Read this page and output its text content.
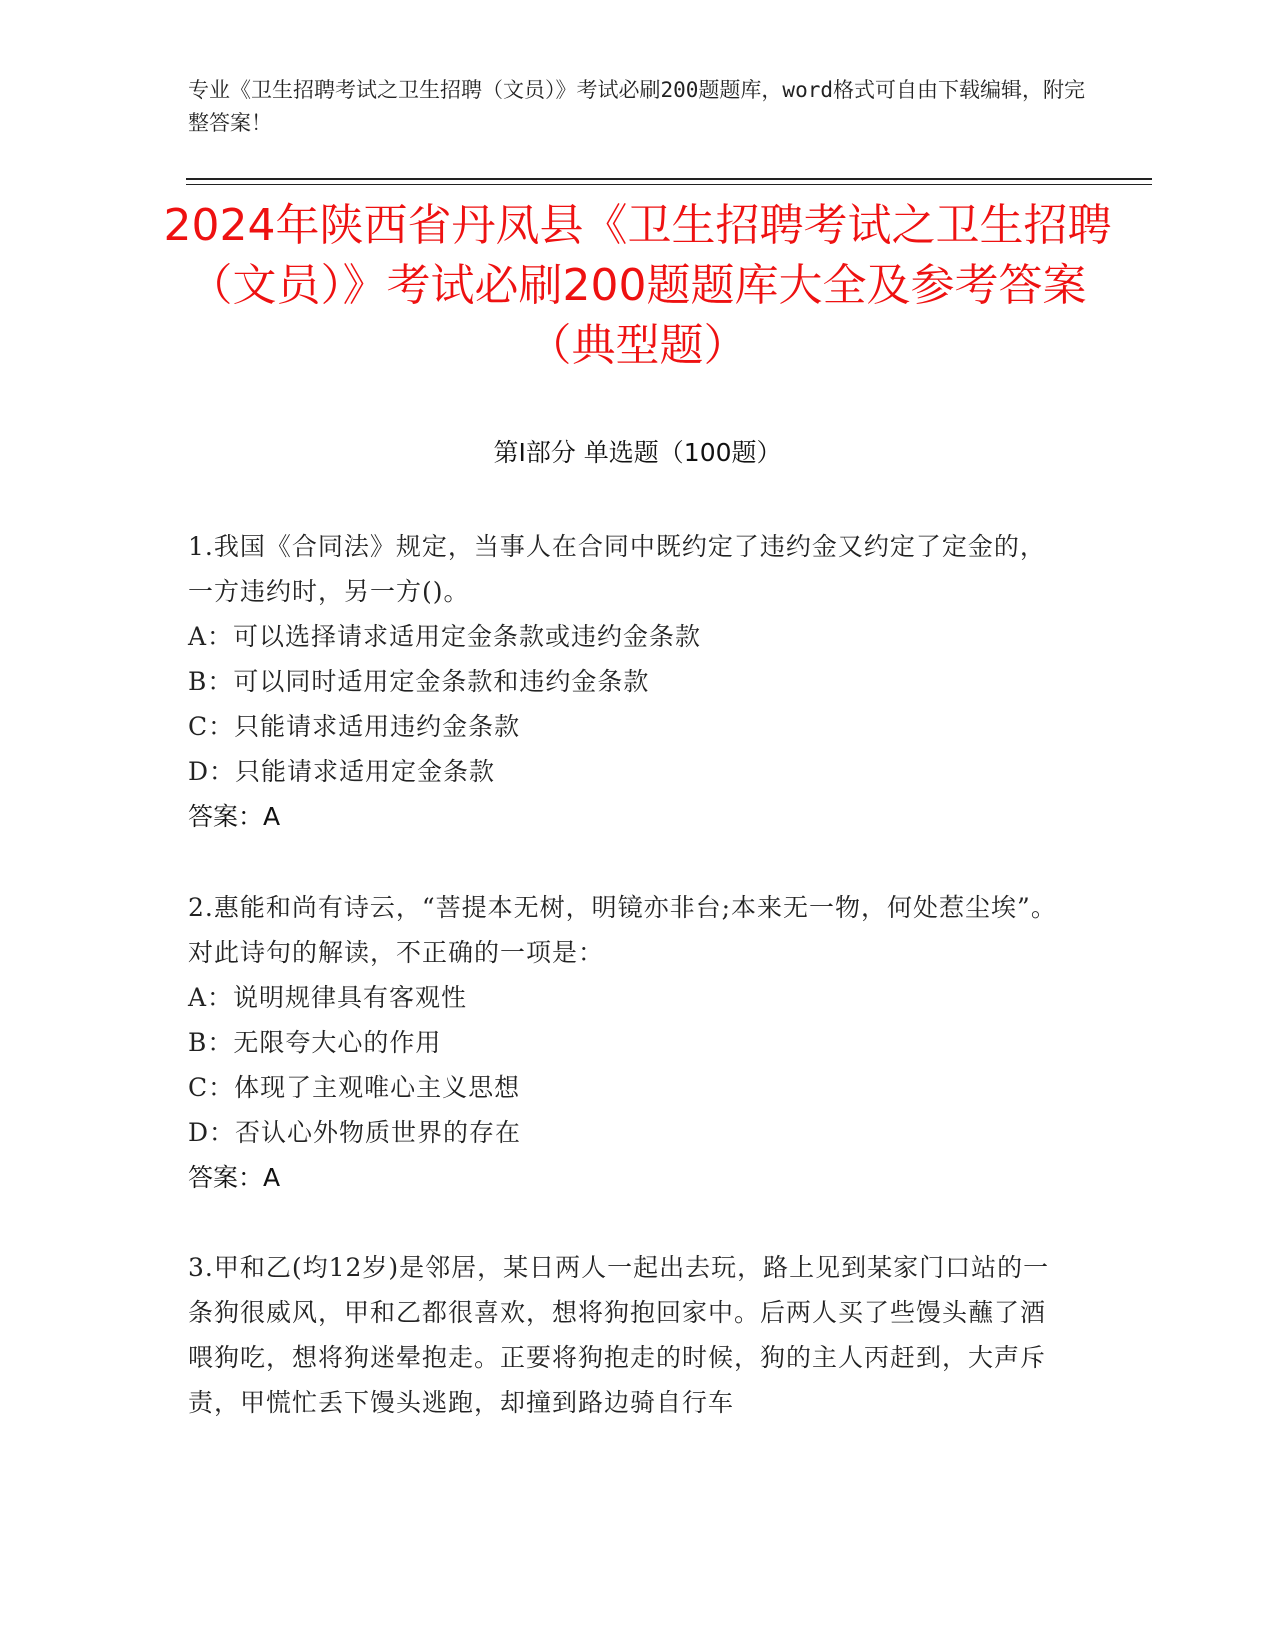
专业《卫生招聘考试之卫生招聘（文员）》考试必刷200题题库，word格式可自由下载编辑，附完整答案！

2024年陕西省丹凤县《卫生招聘考试之卫生招聘（文员）》考试必刷200题题库大全及参考答案（典型题）
第I部分 单选题（100题）

1.我国《合同法》规定，当事人在合同中既约定了违约金又约定了定金的，一方违约时，另一方()。

A：可以选择请求适用定金条款或违约金条款

B：可以同时适用定金条款和违约金条款

C：只能请求适用违约金条款

D：只能请求适用定金条款

答案：A

2.惠能和尚有诗云，“菩提本无树，明镜亦非台;本来无一物，何处惹尘埃”。对此诗句的解读，不正确的一项是：

A：说明规律具有客观性

B：无限夸大心的作用

C：体现了主观唯心主义思想

D：否认心外物质世界的存在

答案：A

3.甲和乙(均12岁)是邻居，某日两人一起出去玩，路上见到某家门口站的一条狗很威风，甲和乙都很喜欢，想将狗抱回家中。后两人买了些馒头蘸了酒喂狗吃，想将狗迷晕抱走。正要将狗抱走的时候，狗的主人丙赶到，大声斥责，甲慌忙丢下馒头逃跑，却撞到路边骑自行车
